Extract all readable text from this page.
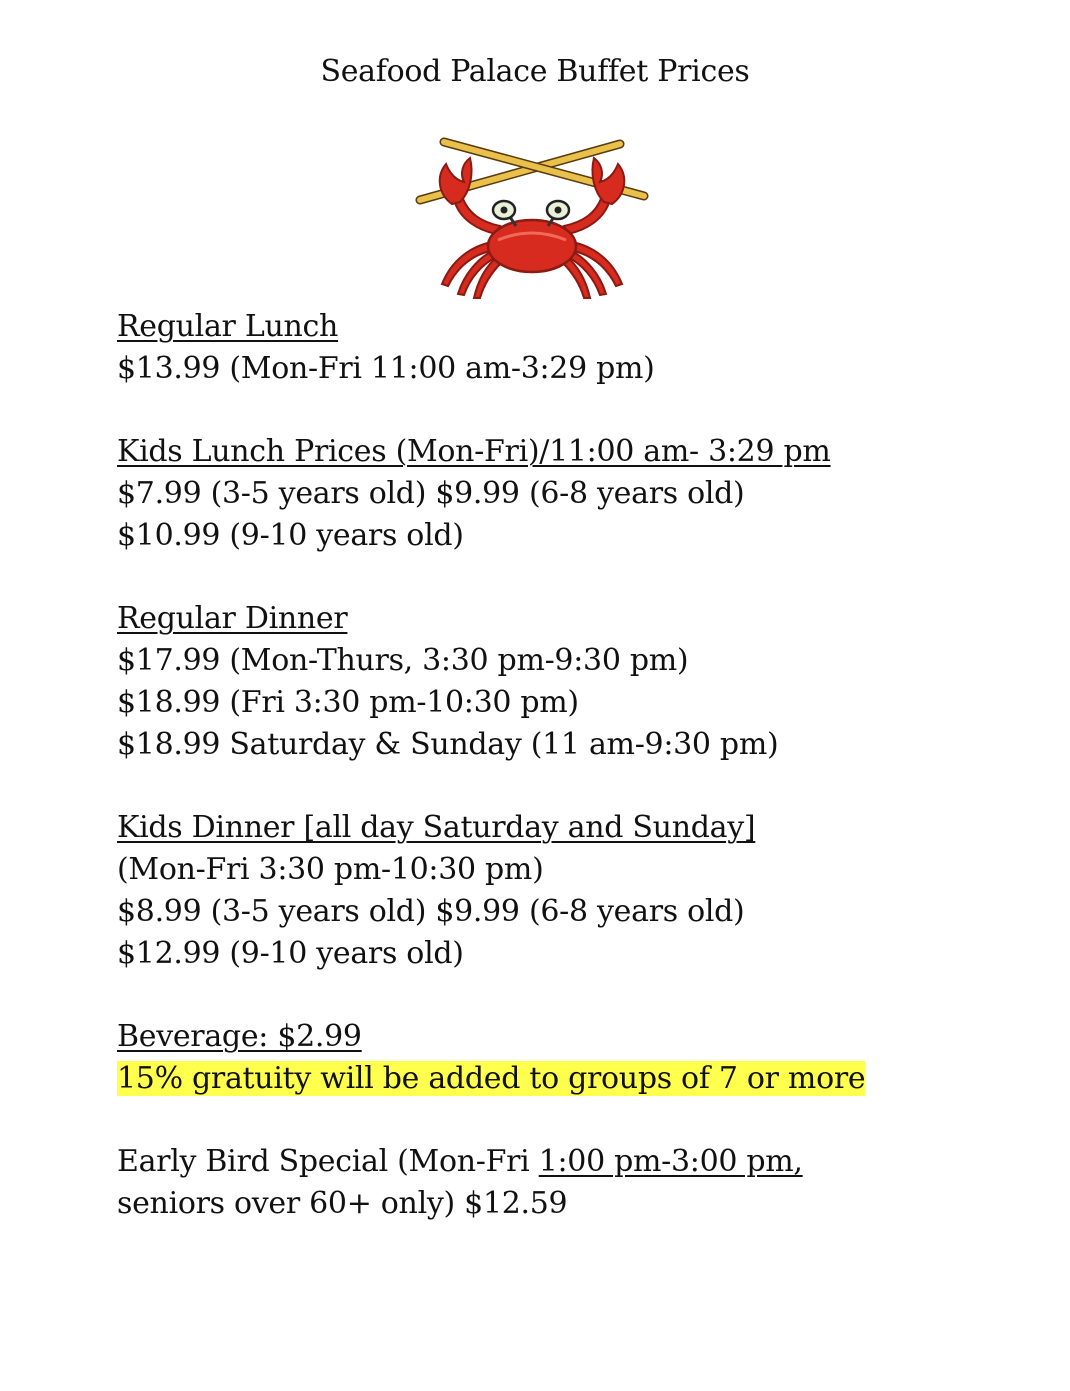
Seafood Palace Buffet Prices
Regular Lunch
$13.99 (Mon-Fri 11:00 am-3:29 pm)
Kids Lunch Prices (Mon-Fri)/11:00 am- 3:29 pm
$7.99 (3-5 years old) $9.99 (6-8 years old)
$10.99 (9-10 years old)
Regular Dinner
$17.99 (Mon-Thurs, 3:30 pm-9:30 pm)
$18.99 (Fri 3:30 pm-10:30 pm)
$18.99 Saturday & Sunday (11 am-9:30 pm)
Kids Dinner [all day Saturday and Sunday]
(Mon-Fri 3:30 pm-10:30 pm)
$8.99 (3-5 years old) $9.99 (6-8 years old)
$12.99 (9-10 years old)
Beverage: $2.99
15% gratuity will be added to groups of 7 or more
Early Bird Special (Mon-Fri 1:00 pm-3:00 pm, seniors over 60+ only) $12.59
